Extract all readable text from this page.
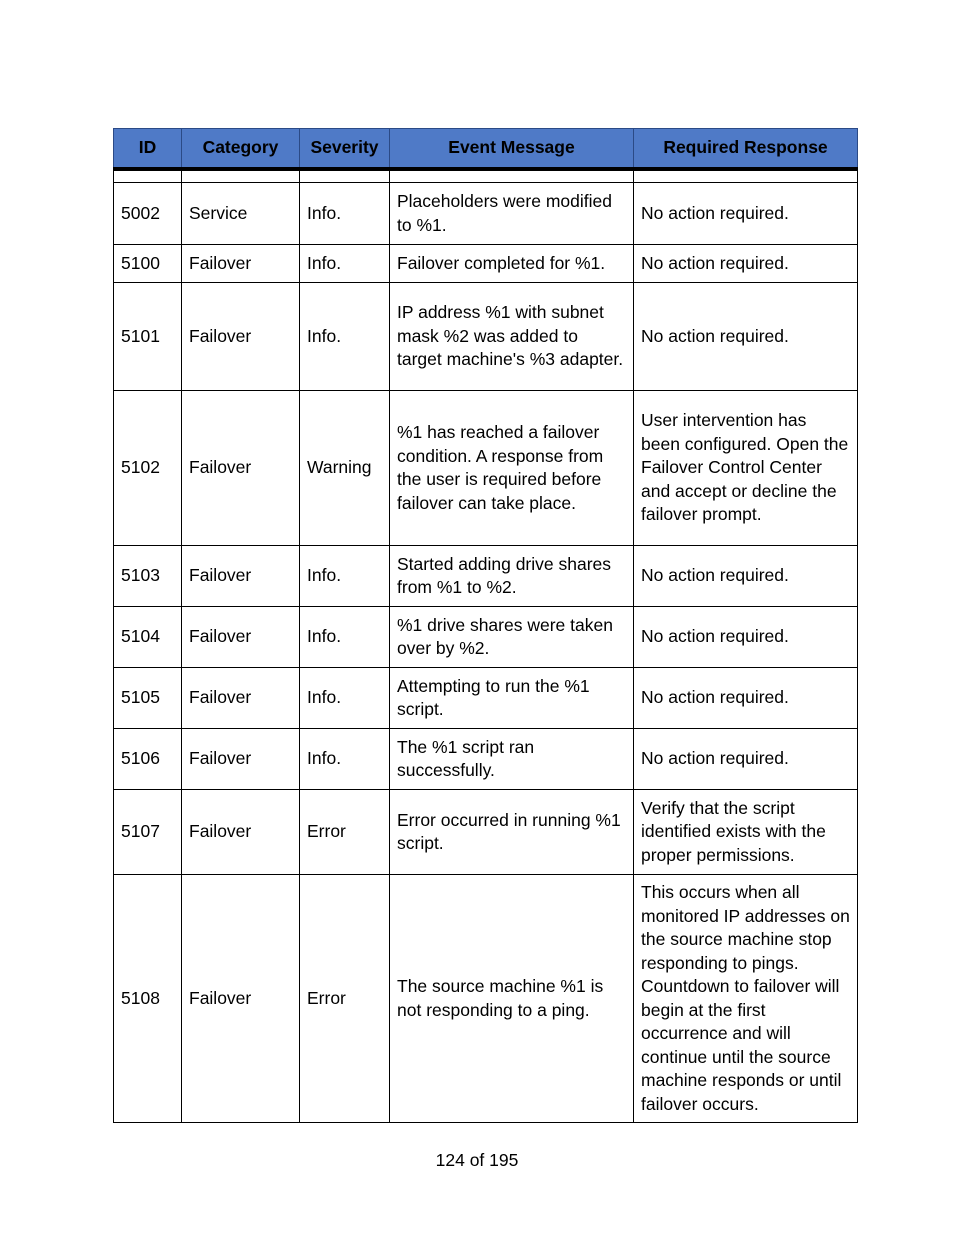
ID	Category	Severity	Event Message	Required Response

5002	Service	Info.	Placeholders were modified to %1.	No action required.
5100	Failover	Info.	Failover completed for %1.	No action required.
5101	Failover	Info.	IP address %1 with subnet mask %2 was added to target machine's %3 adapter.	No action required.
5102	Failover	Warning	%1 has reached a failover condition. A response from the user is required before failover can take place.	User intervention has been configured. Open the Failover Control Center and accept or decline the failover prompt.
5103	Failover	Info.	Started adding drive shares from %1 to %2.	No action required.
5104	Failover	Info.	%1 drive shares were taken over by %2.	No action required.
5105	Failover	Info.	Attempting to run the %1 script.	No action required.
5106	Failover	Info.	The %1 script ran successfully.	No action required.
5107	Failover	Error	Error occurred in running %1 script.	Verify that the script identified exists with the proper permissions.
5108	Failover	Error	The source machine %1 is not responding to a ping.	This occurs when all monitored IP addresses on the source machine stop responding to pings. Countdown to failover will begin at the first occurrence and will continue until the source machine responds or until failover occurs.
124 of 195
